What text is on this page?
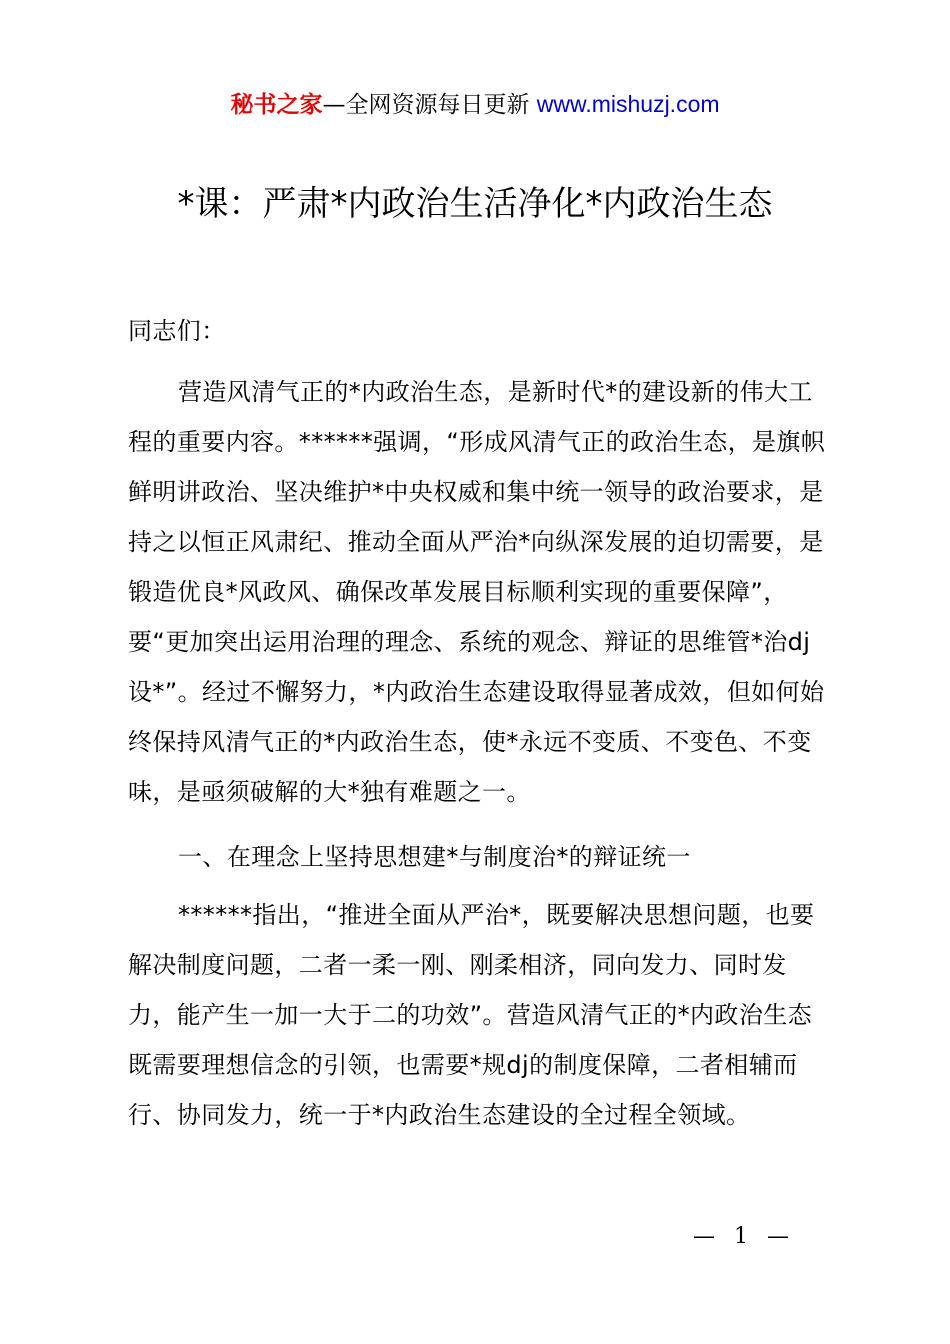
秘书之家—全网资源每日更新 www.mishuzj.com
*课：严肃*内政治生活净化*内政治生态
同志们：
营造风清气正的*内政治生态，是新时代*的建设新的伟大工程的重要内容。******强调，“形成风清气正的政治生态，是旗帜鲜明讲政治、坚决维护*中央权威和集中统一领导的政治要求，是持之以恒正风肃纪、推动全面从严治*向纵深发展的迫切需要，是锻造优良*风政风、确保改革发展目标顺利实现的重要保障”，要“更加突出运用治理的理念、系统的观念、辩证的思维管*治dj设*”。经过不懈努力，*内政治生态建设取得显著成效，但如何始终保持风清气正的*内政治生态，使*永远不变质、不变色、不变味，是亟须破解的大*独有难题之一。
一、在理念上坚持思想建*与制度治*的辩证统一
******指出，“推进全面从严治*，既要解决思想问题，也要解决制度问题，二者一柔一刚、刚柔相济，同向发力、同时发力，能产生一加一大于二的功效”。营造风清气正的*内政治生态既需要理想信念的引领，也需要*规dj的制度保障，二者相辅而行、协同发力，统一于*内政治生态建设的全过程全领域。
— 1 —
